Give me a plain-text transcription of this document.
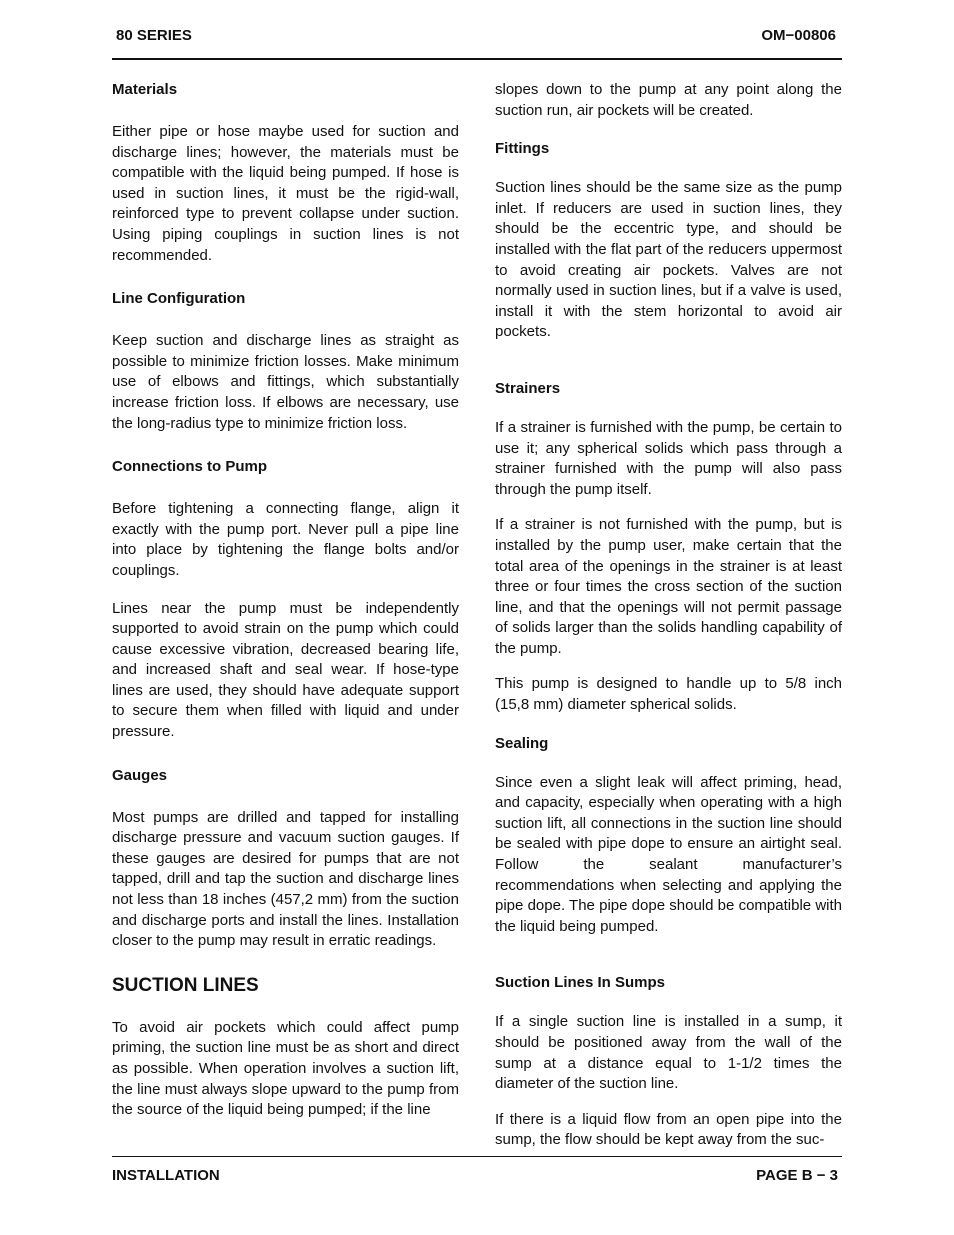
80 SERIES	OM−00806

Materials

Either pipe or hose maybe used for suction and discharge lines; however, the materials must be compatible with the liquid being pumped. If hose is used in suction lines, it must be the rigid-wall, reinforced type to prevent collapse under suction. Using piping couplings in suction lines is not recommended.

Line Configuration

Keep suction and discharge lines as straight as possible to minimize friction losses. Make minimum use of elbows and fittings, which substantially increase friction loss. If elbows are necessary, use the long-radius type to minimize friction loss.

Connections to Pump

Before tightening a connecting flange, align it exactly with the pump port. Never pull a pipe line into place by tightening the flange bolts and/or couplings.

Lines near the pump must be independently supported to avoid strain on the pump which could cause excessive vibration, decreased bearing life, and increased shaft and seal wear. If hose-type lines are used, they should have adequate support to secure them when filled with liquid and under pressure.

Gauges

Most pumps are drilled and tapped for installing discharge pressure and vacuum suction gauges. If these gauges are desired for pumps that are not tapped, drill and tap the suction and discharge lines not less than 18 inches (457,2 mm) from the suction and discharge ports and install the lines. Installation closer to the pump may result in erratic readings.

SUCTION LINES

To avoid air pockets which could affect pump priming, the suction line must be as short and direct as possible. When operation involves a suction lift, the line must always slope upward to the pump from the source of the liquid being pumped; if the line

slopes down to the pump at any point along the suction run, air pockets will be created.

Fittings

Suction lines should be the same size as the pump inlet. If reducers are used in suction lines, they should be the eccentric type, and should be installed with the flat part of the reducers uppermost to avoid creating air pockets. Valves are not normally used in suction lines, but if a valve is used, install it with the stem horizontal to avoid air pockets.

Strainers

If a strainer is furnished with the pump, be certain to use it; any spherical solids which pass through a strainer furnished with the pump will also pass through the pump itself.

If a strainer is not furnished with the pump, but is installed by the pump user, make certain that the total area of the openings in the strainer is at least three or four times the cross section of the suction line, and that the openings will not permit passage of solids larger than the solids handling capability of the pump.

This pump is designed to handle up to 5/8 inch (15,8 mm) diameter spherical solids.

Sealing

Since even a slight leak will affect priming, head, and capacity, especially when operating with a high suction lift, all connections in the suction line should be sealed with pipe dope to ensure an airtight seal. Follow the sealant manufacturer’s recommendations when selecting and applying the pipe dope. The pipe dope should be compatible with the liquid being pumped.

Suction Lines In Sumps

If a single suction line is installed in a sump, it should be positioned away from the wall of the sump at a distance equal to 1-1/2 times the diameter of the suction line.

If there is a liquid flow from an open pipe into the sump, the flow should be kept away from the suc-

INSTALLATION	PAGE B − 3
